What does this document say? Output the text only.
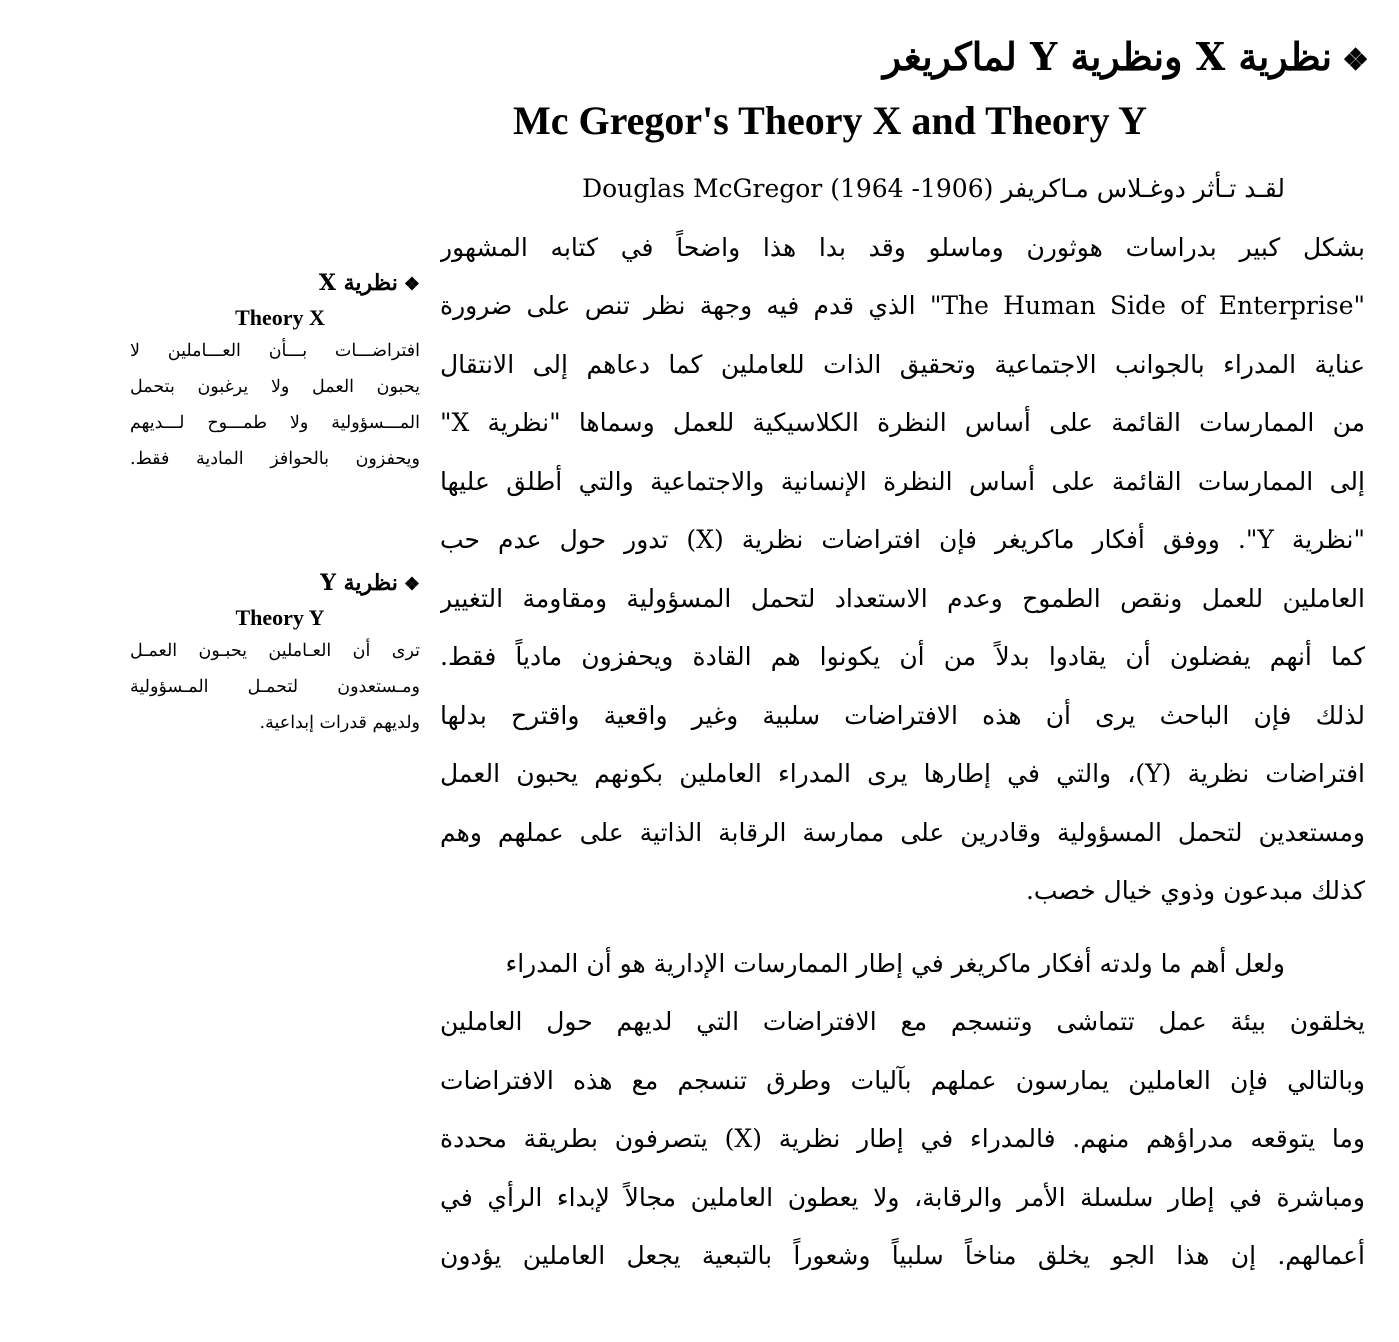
❖نظرية X ونظرية Y لماكريغر
Mc Gregor's Theory X and Theory Y
لقـد تـأثر دوغـلاس مـاكريفر (1906- 1964) Douglas McGregor
بشكل كبير بدراسات هوثورن وماسلو وقد بدا هذا واضحاً في كتابه المشهور
"The Human Side of Enterprise" الذي قدم فيه وجهة نظر تنص على ضرورة
عناية المدراء بالجوانب الاجتماعية وتحقيق الذات للعاملين كما دعاهم إلى الانتقال
من الممارسات القائمة على أساس النظرة الكلاسيكية للعمل وسماها "نظرية X"
إلى الممارسات القائمة على أساس النظرة الإنسانية والاجتماعية والتي أطلق عليها
"نظرية Y". ووفق أفكار ماكريغر فإن افتراضات نظرية (X) تدور حول عدم حب
العاملين للعمل ونقص الطموح وعدم الاستعداد لتحمل المسؤولية ومقاومة التغيير
كما أنهم يفضلون أن يقادوا بدلاً من أن يكونوا هم القادة ويحفزون مادياً فقط.
لذلك فإن الباحث يرى أن هذه الافتراضات سلبية وغير واقعية واقترح بدلها
افتراضات نظرية (Y)، والتي في إطارها يرى المدراء العاملين بكونهم يحبون العمل
ومستعدين لتحمل المسؤولية وقادرين على ممارسة الرقابة الذاتية على عملهم وهم
كذلك مبدعون وذوي خيال خصب.
ولعل أهم ما ولدته أفكار ماكريغر في إطار الممارسات الإدارية هو أن المدراء
يخلقون بيئة عمل تتماشى وتنسجم مع الافتراضات التي لديهم حول العاملين
وبالتالي فإن العاملين يمارسون عملهم بآليات وطرق تنسجم مع هذه الافتراضات
وما يتوقعه مدراؤهم منهم. فالمدراء في إطار نظرية (X) يتصرفون بطريقة محددة
ومباشرة في إطار سلسلة الأمر والرقابة، ولا يعطون العاملين مجالاً لإبداء الرأي في
أعمالهم. إن هذا الجو يخلق مناخاً سلبياً وشعوراً بالتبعية يجعل العاملين يؤدون
❖نظرية X
Theory X
افتراضـــات بـــأن العـــاملين لا
يحبون العمل ولا يرغبون بتحمل
المـــسؤولية ولا طمـــوح لـــديهم
ويحفزون بالحوافز المادية فقط.
❖نظرية Y
Theory Y
ترى أن العـاملين يحبـون العمـل
ومـستعدون لتحمـل المـسؤولية
ولديهم قدرات إبداعية.
